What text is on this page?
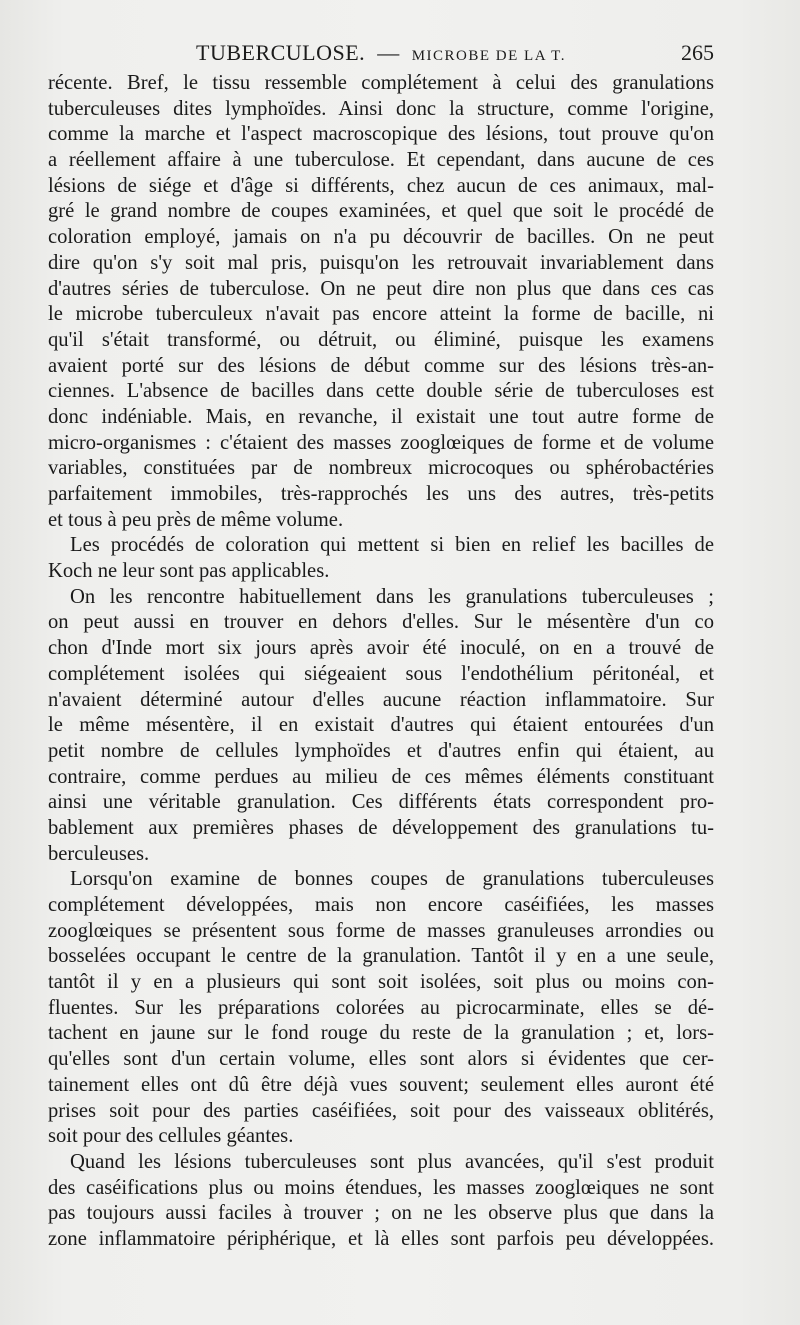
TUBERCULOSE. — MICROBE DE LA T.	265
récente. Bref, le tissu ressemble complétement à celui des granulations
tuberculeuses dites lymphoïdes. Ainsi donc la structure, comme l'origine,
comme la marche et l'aspect macroscopique des lésions, tout prouve qu'on
a réellement affaire à une tuberculose. Et cependant, dans aucune de ces
lésions de siége et d'âge si différents, chez aucun de ces animaux, mal-
gré le grand nombre de coupes examinées, et quel que soit le procédé de
coloration employé, jamais on n'a pu découvrir de bacilles. On ne peut
dire qu'on s'y soit mal pris, puisqu'on les retrouvait invariablement dans
d'autres séries de tuberculose. On ne peut dire non plus que dans ces cas
le microbe tuberculeux n'avait pas encore atteint la forme de bacille, ni
qu'il s'était transformé, ou détruit, ou éliminé, puisque les examens
avaient porté sur des lésions de début comme sur des lésions très-an-
ciennes. L'absence de bacilles dans cette double série de tuberculoses est
donc indéniable. Mais, en revanche, il existait une tout autre forme de
micro-organismes : c'étaient des masses zooglœiques de forme et de volume
variables, constituées par de nombreux microcoques ou sphérobactéries
parfaitement immobiles, très-rapprochés les uns des autres, très-petits
et tous à peu près de même volume.
Les procédés de coloration qui mettent si bien en relief les bacilles de
Koch ne leur sont pas applicables.
On les rencontre habituellement dans les granulations tuberculeuses ;
on peut aussi en trouver en dehors d'elles. Sur le mésentère d'un co
chon d'Inde mort six jours après avoir été inoculé, on en a trouvé de
complétement isolées qui siégeaient sous l'endothélium péritonéal, et
n'avaient déterminé autour d'elles aucune réaction inflammatoire. Sur
le même mésentère, il en existait d'autres qui étaient entourées d'un
petit nombre de cellules lymphoïdes et d'autres enfin qui étaient, au
contraire, comme perdues au milieu de ces mêmes éléments constituant
ainsi une véritable granulation. Ces différents états correspondent pro-
bablement aux premières phases de développement des granulations tu-
berculeuses.
Lorsqu'on examine de bonnes coupes de granulations tuberculeuses
complétement développées, mais non encore caséifiées, les masses
zooglœiques se présentent sous forme de masses granuleuses arrondies ou
bosselées occupant le centre de la granulation. Tantôt il y en a une seule,
tantôt il y en a plusieurs qui sont soit isolées, soit plus ou moins con-
fluentes. Sur les préparations colorées au picrocarminate, elles se dé-
tachent en jaune sur le fond rouge du reste de la granulation ; et, lors-
qu'elles sont d'un certain volume, elles sont alors si évidentes que cer-
tainement elles ont dû être déjà vues souvent; seulement elles auront été
prises soit pour des parties caséifiées, soit pour des vaisseaux oblitérés,
soit pour des cellules géantes.
Quand les lésions tuberculeuses sont plus avancées, qu'il s'est produit
des caséifications plus ou moins étendues, les masses zooglœiques ne sont
pas toujours aussi faciles à trouver ; on ne les observe plus que dans la
zone inflammatoire périphérique, et là elles sont parfois peu développées.
